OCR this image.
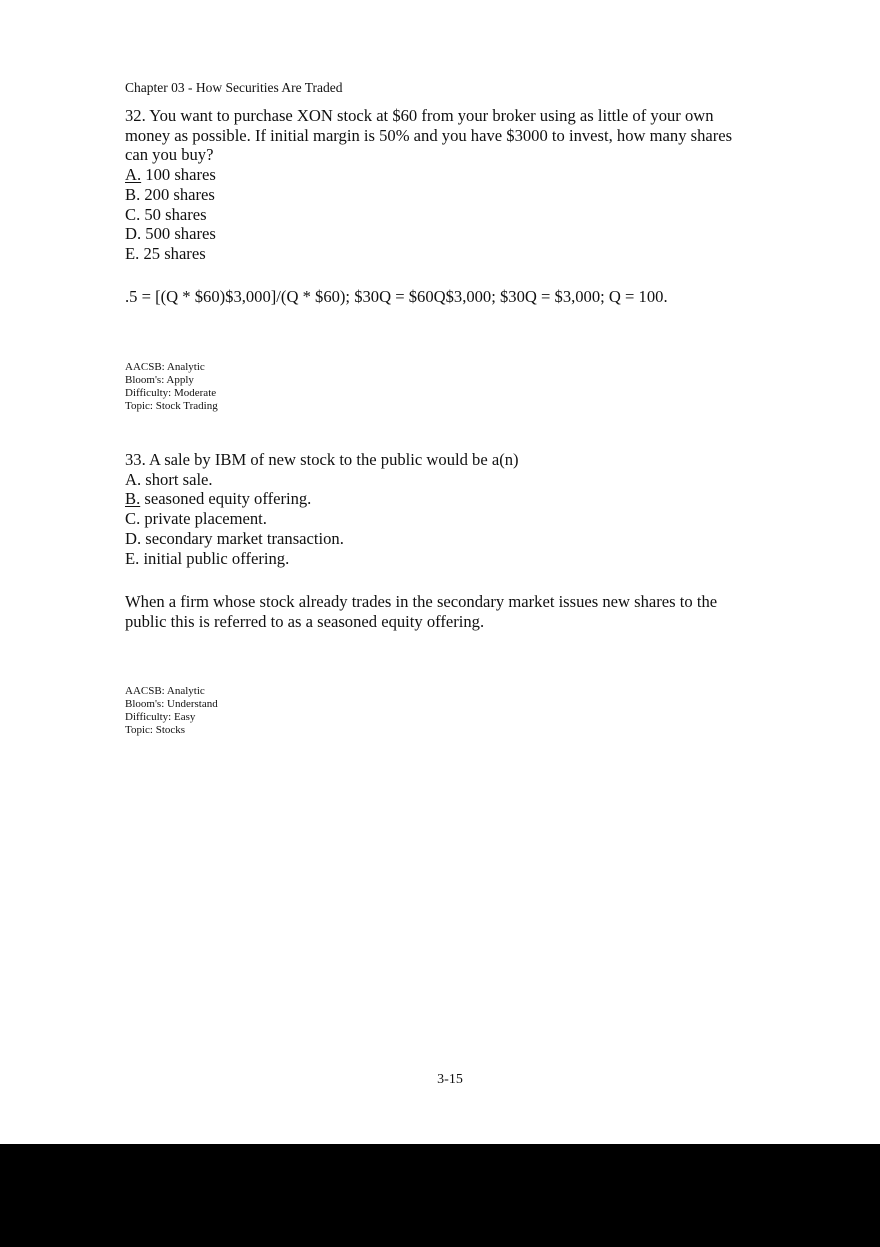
Chapter 03 - How Securities Are Traded
32. You want to purchase XON stock at $60 from your broker using as little of your own
money as possible. If initial margin is 50% and you have $3000 to invest, how many shares
can you buy?
A. 100 shares
B. 200 shares
C. 50 shares
D. 500 shares
E. 25 shares
.5 = [(Q * $60)$3,000]/(Q * $60); $30Q = $60Q$3,000; $30Q = $3,000; Q = 100.
AACSB: Analytic
Bloom's: Apply
Difficulty: Moderate
Topic: Stock Trading
33. A sale by IBM of new stock to the public would be a(n)
A. short sale.
B. seasoned equity offering.
C. private placement.
D. secondary market transaction.
E. initial public offering.
When a firm whose stock already trades in the secondary market issues new shares to the
public this is referred to as a seasoned equity offering.
AACSB: Analytic
Bloom's: Understand
Difficulty: Easy
Topic: Stocks
3-15
